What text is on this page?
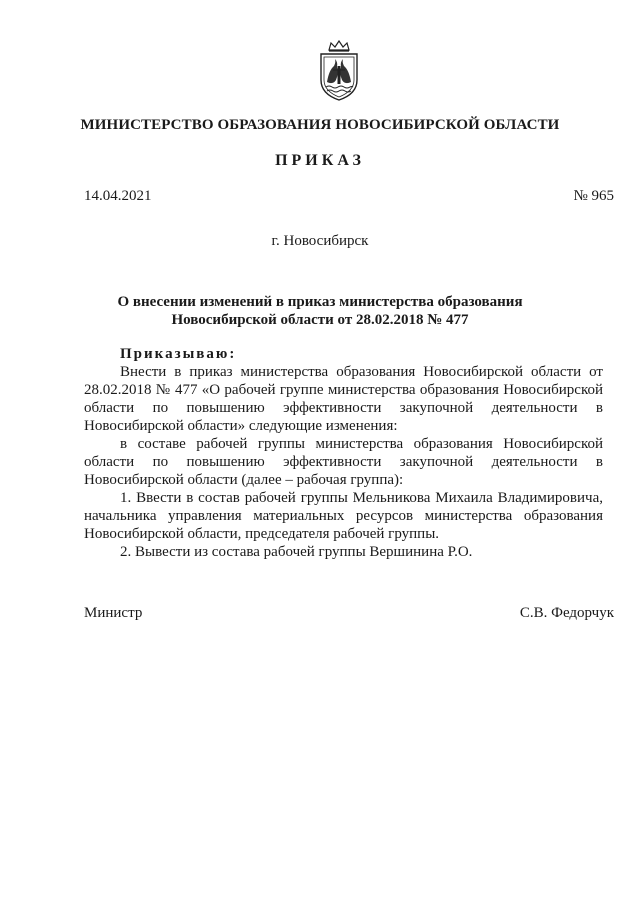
МИНИСТЕРСТВО ОБРАЗОВАНИЯ НОВОСИБИРСКОЙ ОБЛАСТИ
ПРИКАЗ
14.04.2021	№ 965
г. Новосибирск
О внесении изменений в приказ министерства образования
Новосибирской области от 28.02.2018 № 477

Приказываю:

Внести в приказ министерства образования Новосибирской области от 28.02.2018 № 477 «О рабочей группе министерства образования Новосибирской области по повышению эффективности закупочной деятельности в Новосибирской области» следующие изменения:

в составе рабочей группы министерства образования Новосибирской области по повышению эффективности закупочной деятельности в Новосибирской области (далее – рабочая группа):

1. Ввести в состав рабочей группы Мельникова Михаила Владимировича, начальника управления материальных ресурсов министерства образования Новосибирской области, председателя рабочей группы.

2. Вывести из состава рабочей группы Вершинина Р.О.

Министр	С.В. Федорчук
